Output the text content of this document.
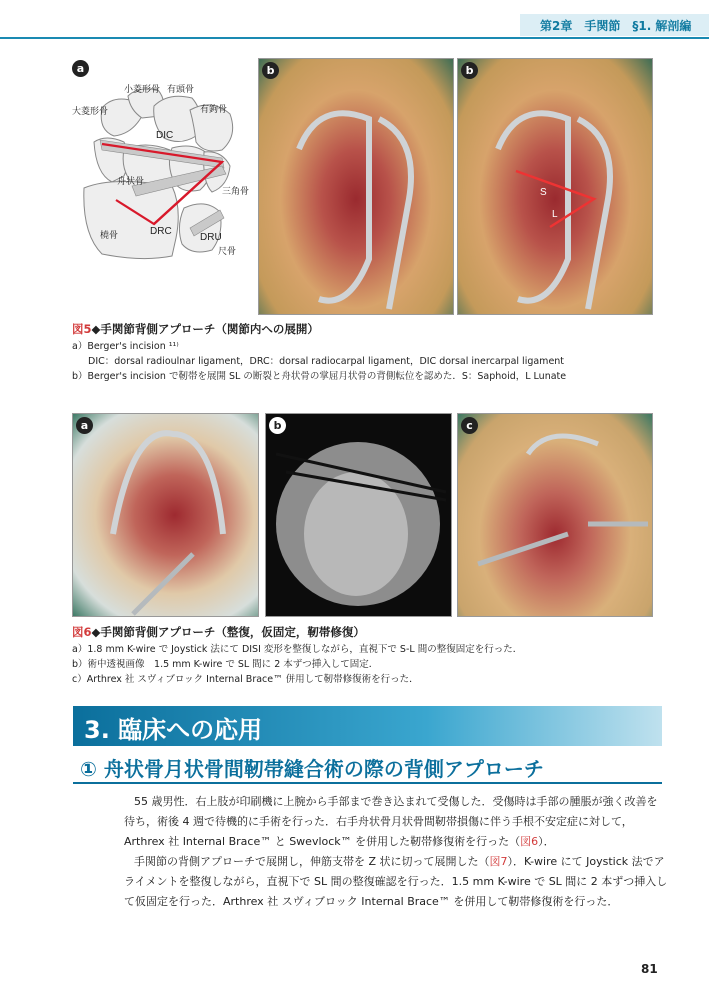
第2章　手関節　§1. 解剖編
小菱形骨 有頭骨
大菱形骨	有鉤骨
DIC
舟状骨
三角骨
橈骨	DRC
DRU
尺骨
a	b
S
L
b
図5◆手関節背側アプローチ（関節内への展開）
a）Berger's incision ¹¹⁾
DIC：dorsal radioulnar ligament，DRC：dorsal radiocarpal ligament，DIC dorsal inercarpal ligament
b）Berger's incision で靭帯を展開 SL の断裂と舟状骨の掌屈月状骨の背側転位を認めた．S：Saphoid，L Lunate
a	b	c
図6◆手関節背側アプローチ（整復，仮固定，靭帯修復）
a）1.8 mm K-wire で Joystick 法にて DISI 変形を整復しながら，直視下で S-L 間の整復固定を行った．
b）術中透視画像　1.5 mm K-wire で SL 間に 2 本ずつ挿入して固定．
c）Arthrex 社 スヴィブロック Internal Brace™ 併用して靭帯修復術を行った．
3. 臨床への応用
① 舟状骨月状骨間靭帯縫合術の際の背側アプローチ
55 歳男性．右上肢が印刷機に上腕から手部まで巻き込まれて受傷した．受傷時は手部の腫脹が強く改善を
待ち，術後 4 週で待機的に手術を行った．右手舟状骨月状骨間靭帯損傷に伴う手根不安定症に対して，
Arthrex 社 Internal Brace™ と Swevlock™ を併用した靭帯修復術を行った（図6）．
手関節の背側アプローチで展開し，伸筋支帯を Z 状に切って展開した（図7）．K-wire にて Joystick 法でア
ライメントを整復しながら，直視下で SL 間の整復確認を行った．1.5 mm K-wire で SL 間に 2 本ずつ挿入し
て仮固定を行った．Arthrex 社 スヴィブロック Internal Brace™ を併用して靭帯修復術を行った．
81
